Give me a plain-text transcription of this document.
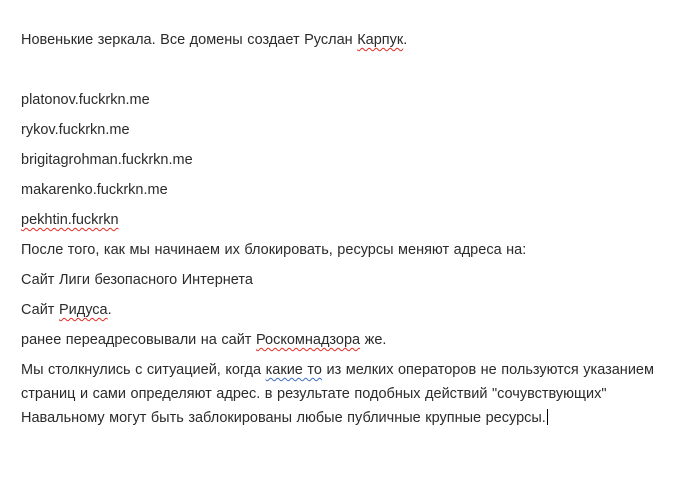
Новенькие зеркала. Все домены создает Руслан Карпук.

platonov.fuckrkn.me

rykov.fuckrkn.me

brigitagrohman.fuckrkn.me

makarenko.fuckrkn.me

pekhtin.fuckrkn

После того, как мы начинаем их блокировать, ресурсы меняют адреса на:

Сайт Лиги безопасного Интернета

Сайт Ридуса.

ранее переадресовывали на сайт Роскомнадзора же.

Мы столкнулись с ситуацией, когда какие то из мелких операторов не пользуются указанием страниц и сами определяют адрес. в результате подобных действий "сочувствующих" Навальному могут быть заблокированы любые публичные крупные ресурсы.
